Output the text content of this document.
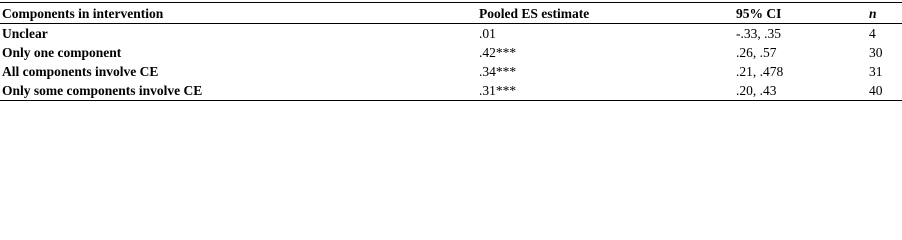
Components in intervention	Pooled ES estimate	95% CI	n
Unclear	.01	-.33, .35	4
Only one component	.42***	.26, .57	30
All components involve CE	.34***	.21, .478	31
Only some components involve CE	.31***	.20, .43	40
